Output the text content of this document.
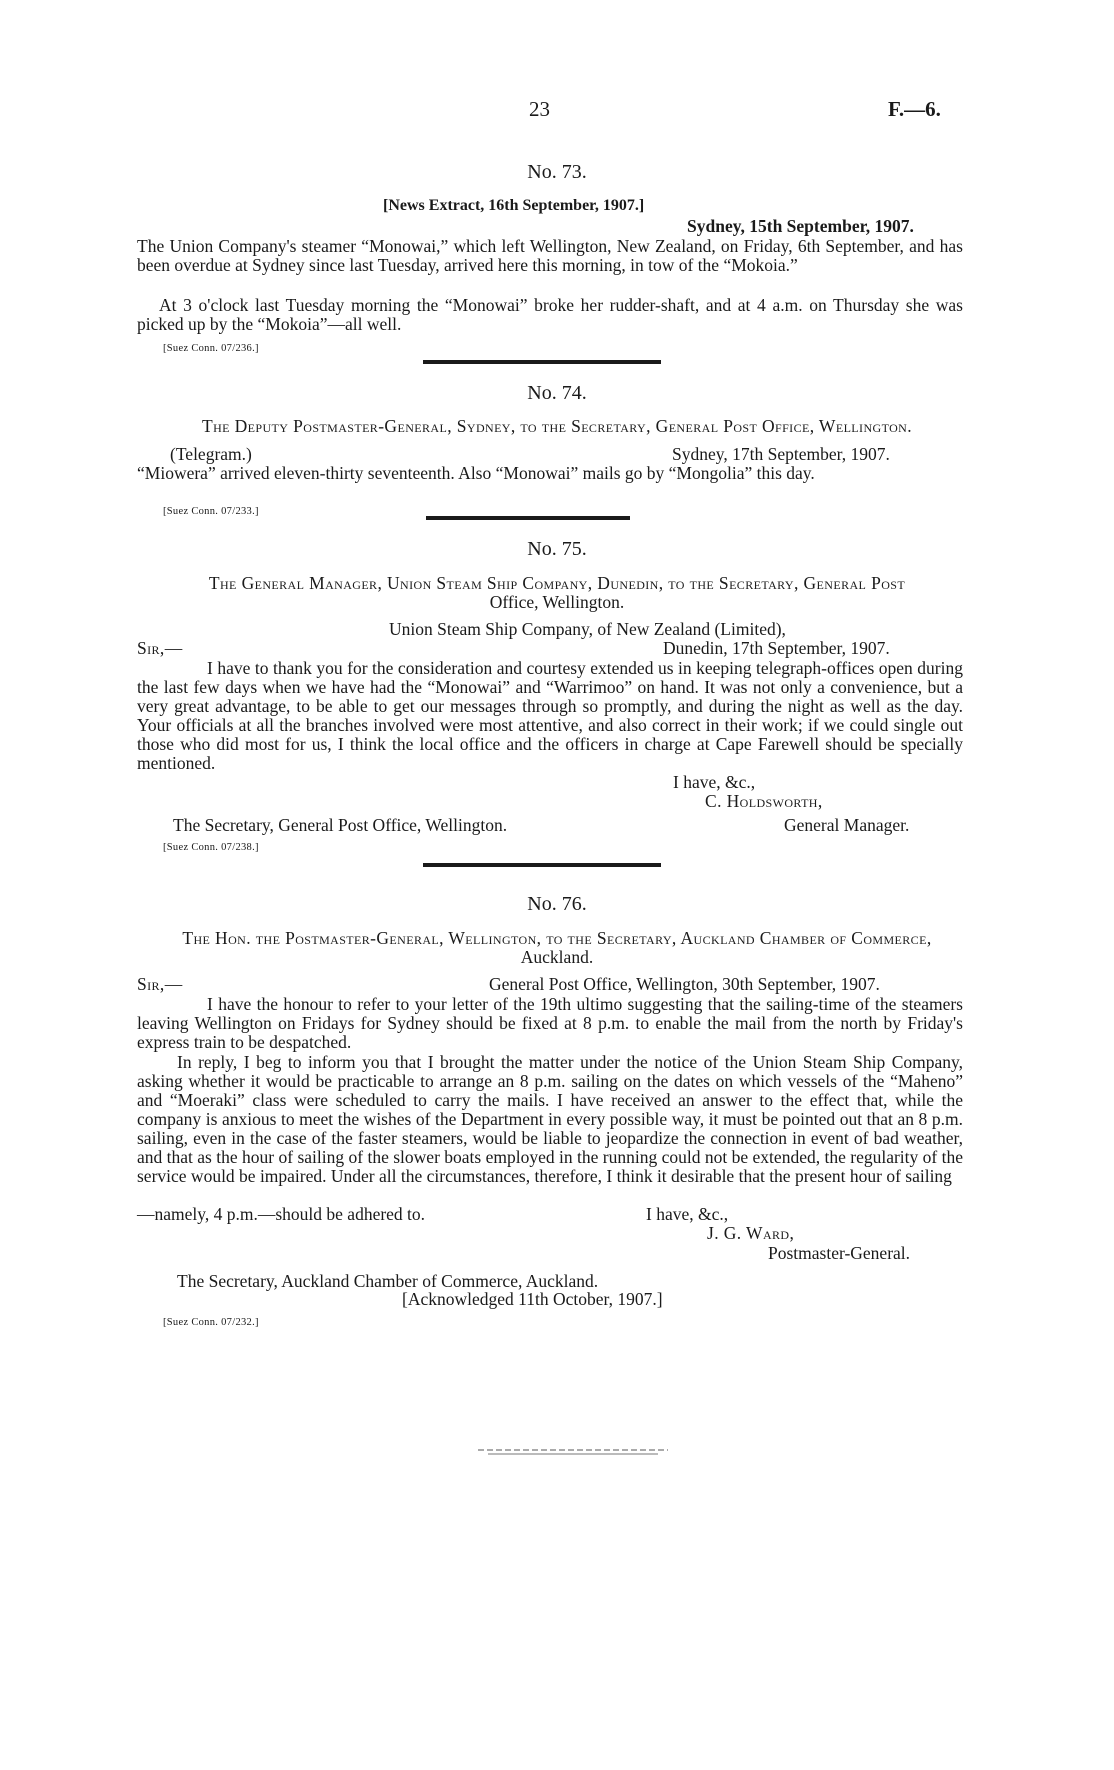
23	F.—6.
No. 73.
[News Extract, 16th September, 1907.]
Sydney, 15th September, 1907.

The Union Company's steamer “Monowai,” which left Wellington, New Zealand, on Friday, 6th September, and has been overdue at Sydney since last Tuesday, arrived here this morning, in tow of the “Mokoia.”

At 3 o'clock last Tuesday morning the “Monowai” broke her rudder-shaft, and at 4 a.m. on Thursday she was picked up by the “Mokoia”—all well.

[Suez Conn. 07/236.]
No. 74.
The Deputy Postmaster-General, Sydney, to the Secretary, General Post Office, Wellington.
(Telegram.)	Sydney, 17th September, 1907.

“Miowera” arrived eleven-thirty seventeenth. Also “Monowai” mails go by “Mongolia” this day.

[Suez Conn. 07/233.]
No. 75.
The General Manager, Union Steam Ship Company, Dunedin, to the Secretary, General Post
Office, Wellington.
Union Steam Ship Company, of New Zealand (Limited),
Sir,—	Dunedin, 17th September, 1907.

I have to thank you for the consideration and courtesy extended us in keeping telegraph-offices open during the last few days when we have had the “Monowai” and “Warrimoo” on hand. It was not only a convenience, but a very great advantage, to be able to get our messages through so promptly, and during the night as well as the day. Your officials at all the branches involved were most attentive, and also correct in their work; if we could single out those who did most for us, I think the local office and the officers in charge at Cape Farewell should be specially mentioned.

I have, &c.,
C. Holdsworth,
The Secretary, General Post Office, Wellington.	General Manager.
[Suez Conn. 07/238.]
No. 76.
The Hon. the Postmaster-General, Wellington, to the Secretary, Auckland Chamber of Commerce,
Auckland.
Sir,—	General Post Office, Wellington, 30th September, 1907.

I have the honour to refer to your letter of the 19th ultimo suggesting that the sailing-time of the steamers leaving Wellington on Fridays for Sydney should be fixed at 8 p.m. to enable the mail from the north by Friday's express train to be despatched.

In reply, I beg to inform you that I brought the matter under the notice of the Union Steam Ship Company, asking whether it would be practicable to arrange an 8 p.m. sailing on the dates on which vessels of the “Maheno” and “Moeraki” class were scheduled to carry the mails. I have received an answer to the effect that, while the company is anxious to meet the wishes of the Department in every possible way, it must be pointed out that an 8 p.m. sailing, even in the case of the faster steamers, would be liable to jeopardize the connection in event of bad weather, and that as the hour of sailing of the slower boats employed in the running could not be extended, the regularity of the service would be impaired. Under all the circumstances, therefore, I think it desirable that the present hour of sailing

—namely, 4 p.m.—should be adhered to.	I have, &c.,
J. G. Ward,
Postmaster-General.
The Secretary, Auckland Chamber of Commerce, Auckland.
[Acknowledged 11th October, 1907.]
[Suez Conn. 07/232.]
